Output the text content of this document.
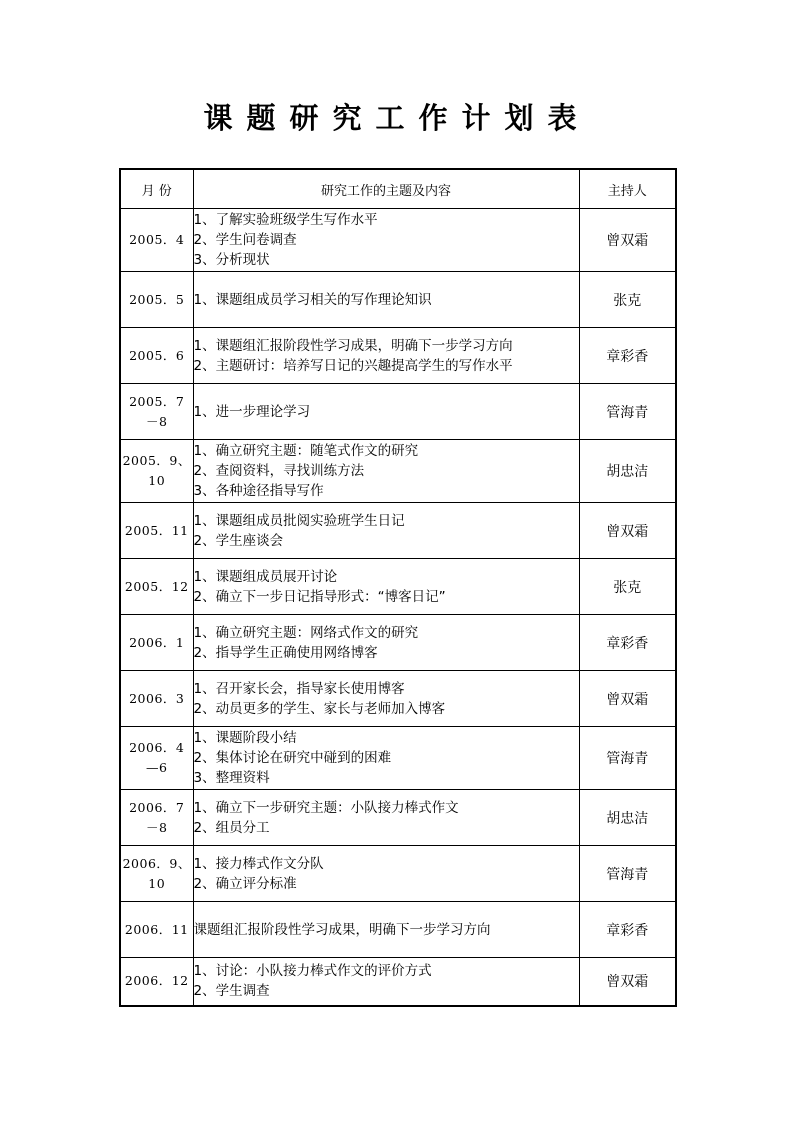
课题研究工作计划表
月 份	研究工作的主题及内容	主持人

2005．4	1、了解实验班级学生写作水平
2、学生问卷调查
3、分析现状	曾双霜

2005．5	1、课题组成员学习相关的写作理论知识	张克

2005．6	1、课题组汇报阶段性学习成果，明确下一步学习方向
2、主题研讨：培养写日记的兴趣提高学生的写作水平	章彩香

2005．7
－8	1、进一步理论学习	管海青

2005．9、
10	1、确立研究主题：随笔式作文的研究
2、查阅资料，寻找训练方法
3、各种途径指导写作	胡忠洁

2005．11	1、课题组成员批阅实验班学生日记
2、学生座谈会	曾双霜

2005．12	1、课题组成员展开讨论
2、确立下一步日记指导形式：“博客日记”	张克

2006．1	1、确立研究主题：网络式作文的研究
2、指导学生正确使用网络博客	章彩香

2006．3	1、召开家长会，指导家长使用博客
2、动员更多的学生、家长与老师加入博客	曾双霜

2006．4
—6	1、课题阶段小结
2、集体讨论在研究中碰到的困难
3、整理资料	管海青

2006．7
－8	1、确立下一步研究主题：小队接力棒式作文
2、组员分工	胡忠洁

2006．9、
10	1、接力棒式作文分队
2、确立评分标准	管海青

2006．11	课题组汇报阶段性学习成果，明确下一步学习方向	章彩香

2006．12	1、讨论：小队接力棒式作文的评价方式
2、学生调查	曾双霜
